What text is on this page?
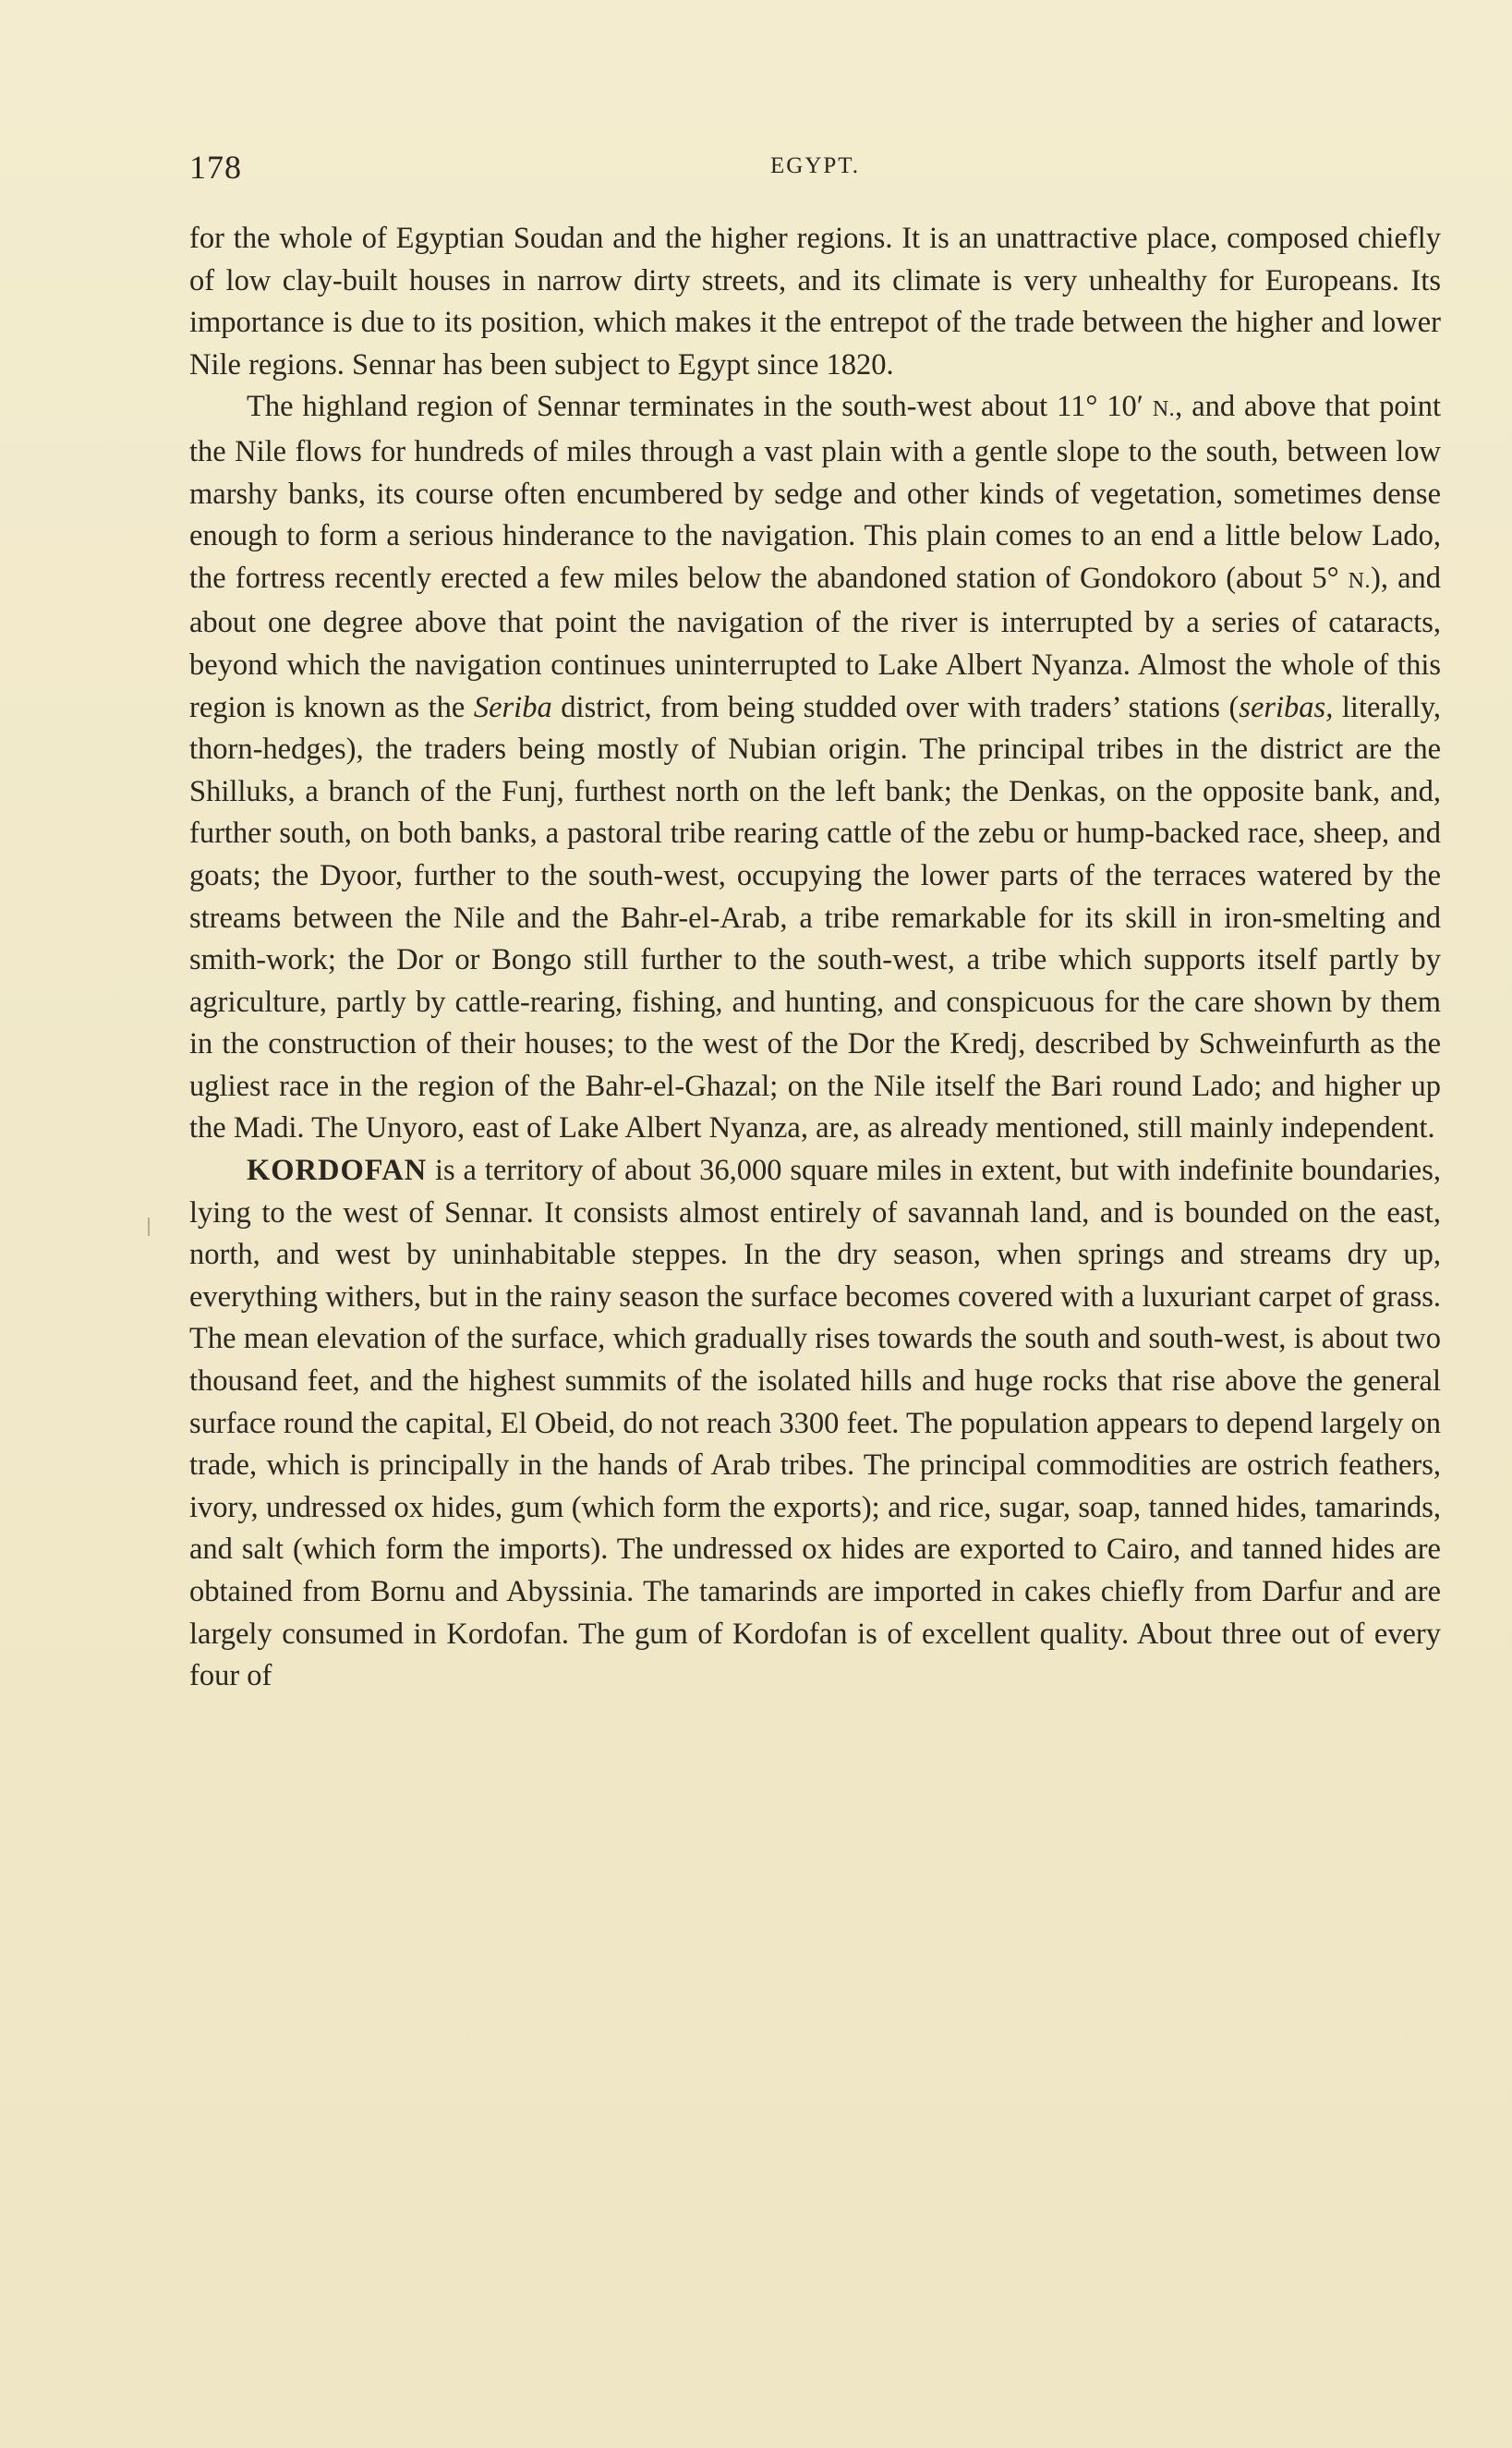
178	EGYPT.

for the whole of Egyptian Soudan and the higher regions. It is an unattractive place, composed chiefly of low clay-built houses in narrow dirty streets, and its climate is very unhealthy for Europeans. Its importance is due to its position, which makes it the entrepot of the trade between the higher and lower Nile regions. Sennar has been subject to Egypt since 1820.

The highland region of Sennar terminates in the south-west about 11° 10′ N., and above that point the Nile flows for hundreds of miles through a vast plain with a gentle slope to the south, between low marshy banks, its course often encumbered by sedge and other kinds of vegetation, sometimes dense enough to form a serious hinderance to the navigation. This plain comes to an end a little below Lado, the fortress recently erected a few miles below the abandoned station of Gondokoro (about 5° N.), and about one degree above that point the navigation of the river is interrupted by a series of cataracts, beyond which the navigation continues uninterrupted to Lake Albert Nyanza. Almost the whole of this region is known as the Seriba district, from being studded over with traders’ stations (seribas, literally, thorn-hedges), the traders being mostly of Nubian origin. The principal tribes in the district are the Shilluks, a branch of the Funj, furthest north on the left bank; the Denkas, on the opposite bank, and, further south, on both banks, a pastoral tribe rearing cattle of the zebu or hump-backed race, sheep, and goats; the Dyoor, further to the south-west, occupying the lower parts of the terraces watered by the streams between the Nile and the Bahr-el-Arab, a tribe remarkable for its skill in iron-smelting and smith-work; the Dor or Bongo still further to the south-west, a tribe which supports itself partly by agriculture, partly by cattle-rearing, fishing, and hunting, and conspicuous for the care shown by them in the construction of their houses; to the west of the Dor the Kredj, described by Schweinfurth as the ugliest race in the region of the Bahr-el-Ghazal; on the Nile itself the Bari round Lado; and higher up the Madi. The Unyoro, east of Lake Albert Nyanza, are, as already mentioned, still mainly independent.

KORDOFAN is a territory of about 36,000 square miles in extent, but with indefinite boundaries, lying to the west of Sennar. It consists almost entirely of savannah land, and is bounded on the east, north, and west by uninhabitable steppes. In the dry season, when springs and streams dry up, everything withers, but in the rainy season the surface becomes covered with a luxuriant carpet of grass. The mean elevation of the surface, which gradually rises towards the south and south-west, is about two thousand feet, and the highest summits of the isolated hills and huge rocks that rise above the general surface round the capital, El Obeid, do not reach 3300 feet. The population appears to depend largely on trade, which is principally in the hands of Arab tribes. The principal commodities are ostrich feathers, ivory, undressed ox hides, gum (which form the exports); and rice, sugar, soap, tanned hides, tamarinds, and salt (which form the imports). The undressed ox hides are exported to Cairo, and tanned hides are obtained from Bornu and Abyssinia. The tamarinds are imported in cakes chiefly from Darfur and are largely consumed in Kordofan. The gum of Kordofan is of excellent quality. About three out of every four of
